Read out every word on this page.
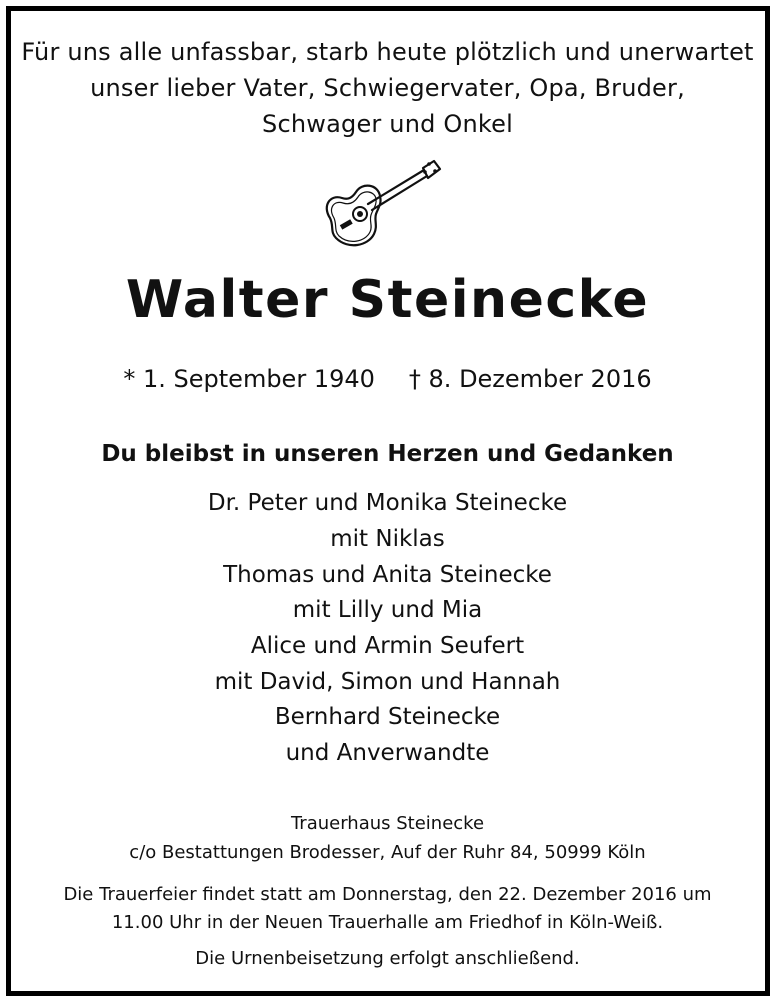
Für uns alle unfassbar, starb heute plötzlich und unerwartet
unser lieber Vater, Schwiegervater, Opa, Bruder,
Schwager und Onkel
Walter Steinecke
* 1. September 1940 † 8. Dezember 2016
Du bleibst in unseren Herzen und Gedanken
Dr. Peter und Monika Steinecke
mit Niklas
Thomas und Anita Steinecke
mit Lilly und Mia
Alice und Armin Seufert
mit David, Simon und Hannah
Bernhard Steinecke
und Anverwandte
Trauerhaus Steinecke
c/o Bestattungen Brodesser, Auf der Ruhr 84, 50999 Köln
Die Trauerfeier findet statt am Donnerstag, den 22. Dezember 2016 um
11.00 Uhr in der Neuen Trauerhalle am Friedhof in Köln-Weiß.
Die Urnenbeisetzung erfolgt anschließend.
